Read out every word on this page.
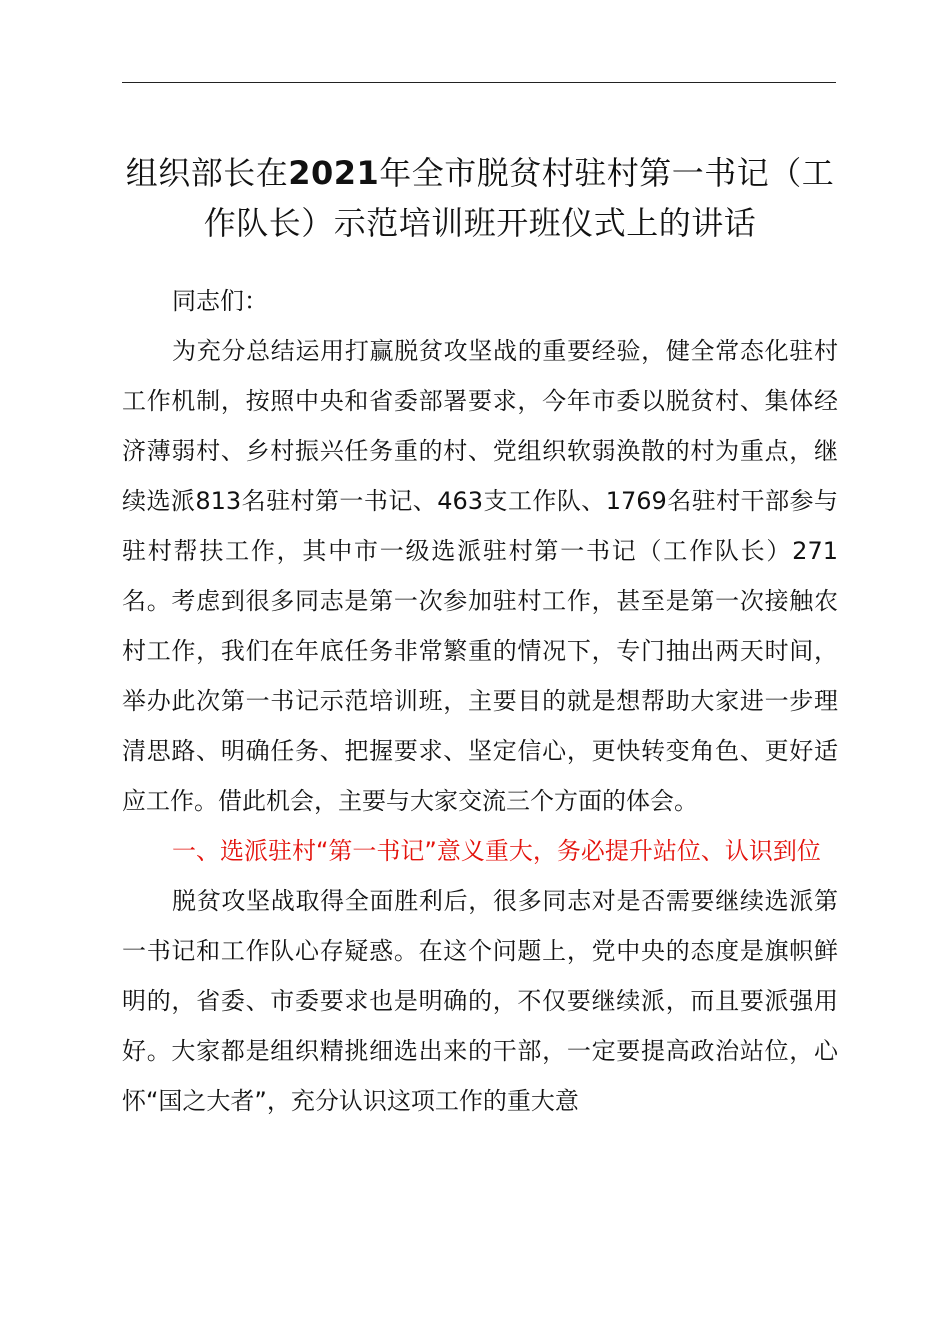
组织部长在2021年全市脱贫村驻村第一书记（工作队长）示范培训班开班仪式上的讲话

同志们：

为充分总结运用打赢脱贫攻坚战的重要经验，健全常态化驻村工作机制，按照中央和省委部署要求，今年市委以脱贫村、集体经济薄弱村、乡村振兴任务重的村、党组织软弱涣散的村为重点，继续选派813名驻村第一书记、463支工作队、1769名驻村干部参与驻村帮扶工作，其中市一级选派驻村第一书记（工作队长）271名。考虑到很多同志是第一次参加驻村工作，甚至是第一次接触农村工作，我们在年底任务非常繁重的情况下，专门抽出两天时间，举办此次第一书记示范培训班，主要目的就是想帮助大家进一步理清思路、明确任务、把握要求、坚定信心，更快转变角色、更好适应工作。借此机会，主要与大家交流三个方面的体会。

一、选派驻村“第一书记”意义重大，务必提升站位、认识到位

脱贫攻坚战取得全面胜利后，很多同志对是否需要继续选派第一书记和工作队心存疑惑。在这个问题上，党中央的态度是旗帜鲜明的，省委、市委要求也是明确的，不仅要继续派，而且要派强用好。大家都是组织精挑细选出来的干部，一定要提高政治站位，心怀“国之大者”，充分认识这项工作的重大意
